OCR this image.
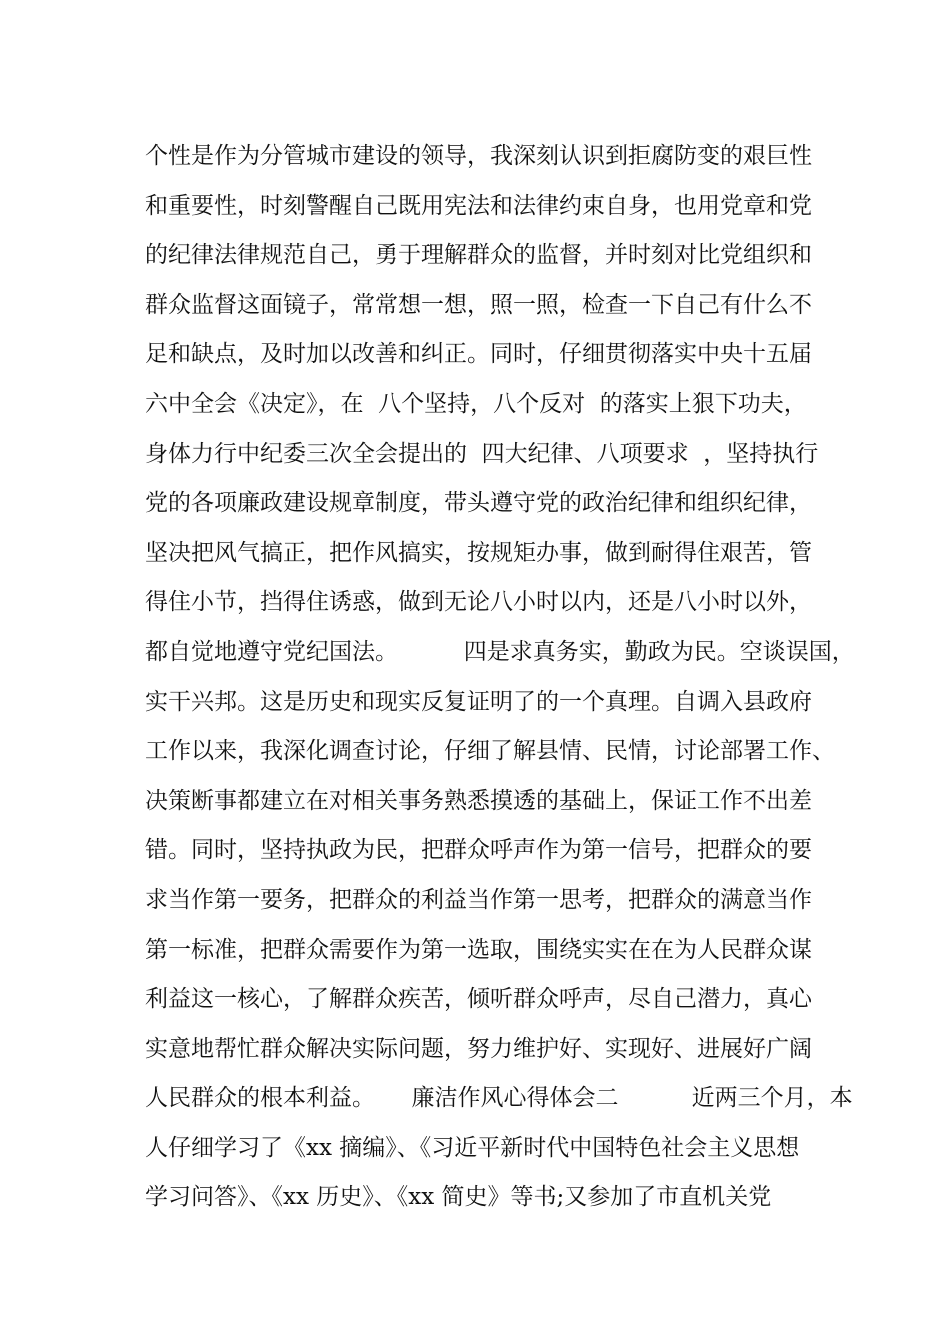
个性是作为分管城市建设的领导，我深刻认识到拒腐防变的艰巨性
和重要性，时刻警醒自己既用宪法和法律约束自身，也用党章和党
的纪律法律规范自己，勇于理解群众的监督，并时刻对比党组织和
群众监督这面镜子，常常想一想，照一照，检查一下自己有什么不
足和缺点，及时加以改善和纠正。同时，仔细贯彻落实中央十五届
六中全会《决定》，在  八个坚持，八个反对  的落实上狠下功夫，
身体力行中纪委三次全会提出的  四大纪律、八项要求  ，坚持执行
党的各项廉政建设规章制度，带头遵守党的政治纪律和组织纪律，
坚决把风气搞正，把作风搞实，按规矩办事，做到耐得住艰苦，管
得住小节，挡得住诱惑，做到无论八小时以内，还是八小时以外，
都自觉地遵守党纪国法。         四是求真务实，勤政为民。空谈误国，
实干兴邦。这是历史和现实反复证明了的一个真理。自调入县政府
工作以来，我深化调查讨论，仔细了解县情、民情，讨论部署工作、
决策断事都建立在对相关事务熟悉摸透的基础上，保证工作不出差
错。同时，坚持执政为民，把群众呼声作为第一信号，把群众的要
求当作第一要务，把群众的利益当作第一思考，把群众的满意当作
第一标准，把群众需要作为第一选取，围绕实实在在为人民群众谋
利益这一核心，了解群众疾苦，倾听群众呼声，尽自己潜力，真心
实意地帮忙群众解决实际问题，努力维护好、实现好、进展好广阔
人民群众的根本利益。     廉洁作风心得体会二          近两三个月，本
人仔细学习了《xx 摘编》、《习近平新时代中国特色社会主义思想
学习问答》、《xx 历史》、《xx 简史》等书;又参加了市直机关党
